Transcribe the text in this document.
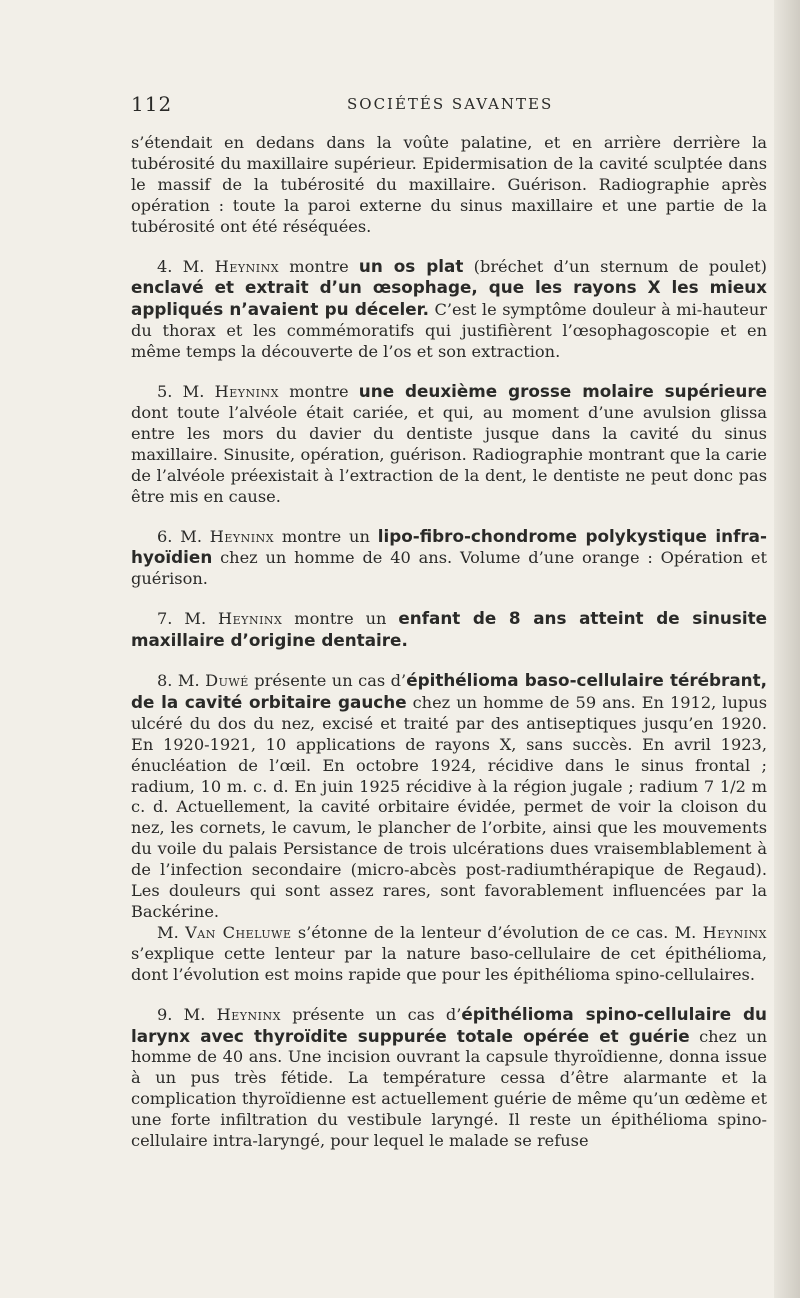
112	SOCIÉTÉS SAVANTES

s’étendait en dedans dans la voûte palatine, et en arrière derrière la tubérosité du maxillaire supérieur. Epidermisation de la cavité sculptée dans le massif de la tubérosité du maxillaire. Guérison. Radiographie après opération : toute la paroi externe du sinus maxillaire et une partie de la tubérosité ont été réséquées.

4. M. Heyninx montre un os plat (bréchet d’un sternum de poulet) enclavé et extrait d’un œsophage, que les rayons X les mieux appliqués n’avaient pu déceler. C’est le symptôme douleur à mi-hauteur du thorax et les commémoratifs qui justifièrent l’œsophagoscopie et en même temps la découverte de l’os et son extraction.

5. M. Heyninx montre une deuxième grosse molaire supérieure dont toute l’alvéole était cariée, et qui, au moment d’une avulsion glissa entre les mors du davier du dentiste jusque dans la cavité du sinus maxillaire. Sinusite, opération, guérison. Radiographie montrant que la carie de l’alvéole préexistait à l’extraction de la dent, le dentiste ne peut donc pas être mis en cause.

6. M. Heyninx montre un lipo-fibro-chondrome polykystique infra-hyoïdien chez un homme de 40 ans. Volume d’une orange : Opération et guérison.

7. M. Heyninx montre un enfant de 8 ans atteint de sinusite maxillaire d’origine dentaire.

8. M. Duwé présente un cas d’épithélioma baso-cellulaire térébrant, de la cavité orbitaire gauche chez un homme de 59 ans. En 1912, lupus ulcéré du dos du nez, excisé et traité par des antiseptiques jusqu’en 1920. En 1920-1921, 10 applications de rayons X, sans succès. En avril 1923, énucléation de l’œil. En octobre 1924, récidive dans le sinus frontal ; radium, 10 m. c. d. En juin 1925 récidive à la région jugale ; radium 7 1/2 m c. d. Actuellement, la cavité orbitaire évidée, permet de voir la cloison du nez, les cornets, le cavum, le plancher de l’orbite, ainsi que les mouvements du voile du palais Persistance de trois ulcérations dues vraisemblablement à de l’infection secondaire (micro-abcès post-radiumthérapique de Regaud). Les douleurs qui sont assez rares, sont favorablement influencées par la Backérine.

M. Van Cheluwe s’étonne de la lenteur d’évolution de ce cas. M. Heyninx s’explique cette lenteur par la nature baso-cellulaire de cet épithélioma, dont l’évolution est moins rapide que pour les épithélioma spino-cellulaires.

9. M. Heyninx présente un cas d’épithélioma spino-cellulaire du larynx avec thyroïdite suppurée totale opérée et guérie chez un homme de 40 ans. Une incision ouvrant la capsule thyroïdienne, donna issue à un pus très fétide. La température cessa d’être alarmante et la complication thyroïdienne est actuellement guérie de même qu’un œdème et une forte infiltration du vestibule laryngé. Il reste un épithélioma spino-cellulaire intra-laryngé, pour lequel le malade se refuse
